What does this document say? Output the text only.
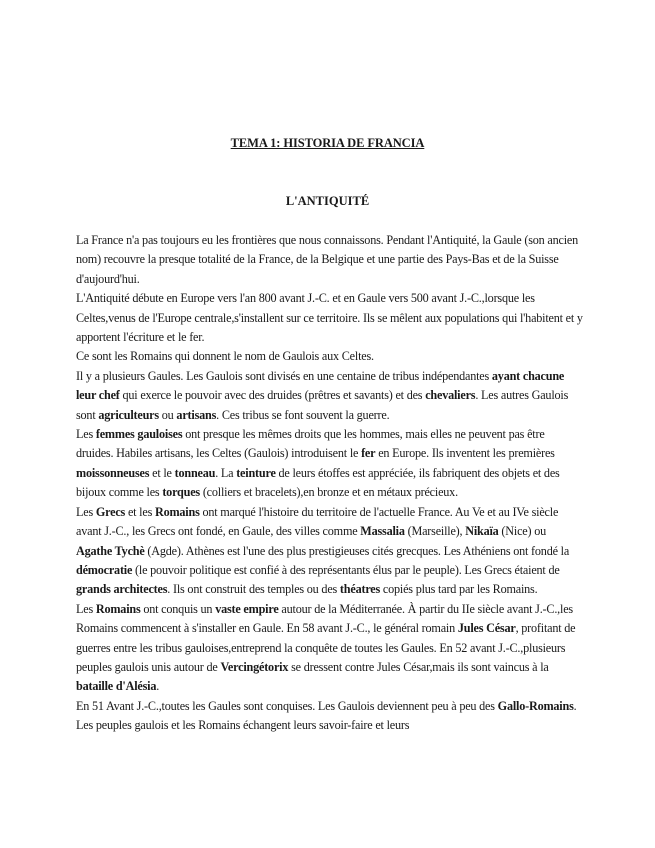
TEMA 1: HISTORIA DE FRANCIA
L'ANTIQUITÉ

La France n'a pas toujours eu les frontières que nous connaissons. Pendant l'Antiquité, la Gaule (son ancien nom) recouvre la presque totalité de la France, de la Belgique et une partie des Pays-Bas et de la Suisse d'aujourd'hui.

L'Antiquité débute en Europe vers l'an 800 avant J.-C. et en Gaule vers 500 avant J.-C.,lorsque les Celtes,venus de l'Europe centrale,s'installent sur ce territoire. Ils se mêlent aux populations qui l'habitent et y apportent l'écriture et le fer.

Ce sont les Romains qui donnent le nom de Gaulois aux Celtes.

Il y a plusieurs Gaules. Les Gaulois sont divisés en une centaine de tribus indépendantes ayant chacune leur chef qui exerce le pouvoir avec des druides (prêtres et savants) et des chevaliers. Les autres Gaulois sont agriculteurs ou artisans. Ces tribus se font souvent la guerre.

Les femmes gauloises ont presque les mêmes droits que les hommes, mais elles ne peuvent pas être druides. Habiles artisans, les Celtes (Gaulois) introduisent le fer en Europe. Ils inventent les premières moissonneuses et le tonneau. La teinture de leurs étoffes est appréciée, ils fabriquent des objets et des bijoux comme les torques (colliers et bracelets),en bronze et en métaux précieux.

Les Grecs et les Romains ont marqué l'histoire du territoire de l'actuelle France. Au Ve et au IVe siècle avant J.-C., les Grecs ont fondé, en Gaule, des villes comme Massalia (Marseille), Nikaïa (Nice) ou Agathe Tychè (Agde). Athènes est l'une des plus prestigieuses cités grecques. Les Athéniens ont fondé la démocratie (le pouvoir politique est confié à des représentants élus par le peuple). Les Grecs étaient de grands architectes. Ils ont construit des temples ou des théatres copiés plus tard par les Romains.

Les Romains ont conquis un vaste empire autour de la Méditerranée. À partir du IIe siècle avant J.-C.,les Romains commencent à s'installer en Gaule. En 58 avant J.-C., le général romain Jules César, profitant de guerres entre les tribus gauloises,entreprend la conquête de toutes les Gaules. En 52 avant J.-C.,plusieurs peuples gaulois unis autour de Vercingétorix se dressent contre Jules César,mais ils sont vaincus à la bataille d'Alésia.

En 51 Avant J.-C.,toutes les Gaules sont conquises. Les Gaulois deviennent peu à peu des Gallo-Romains. Les peuples gaulois et les Romains échangent leurs savoir-faire et leurs
